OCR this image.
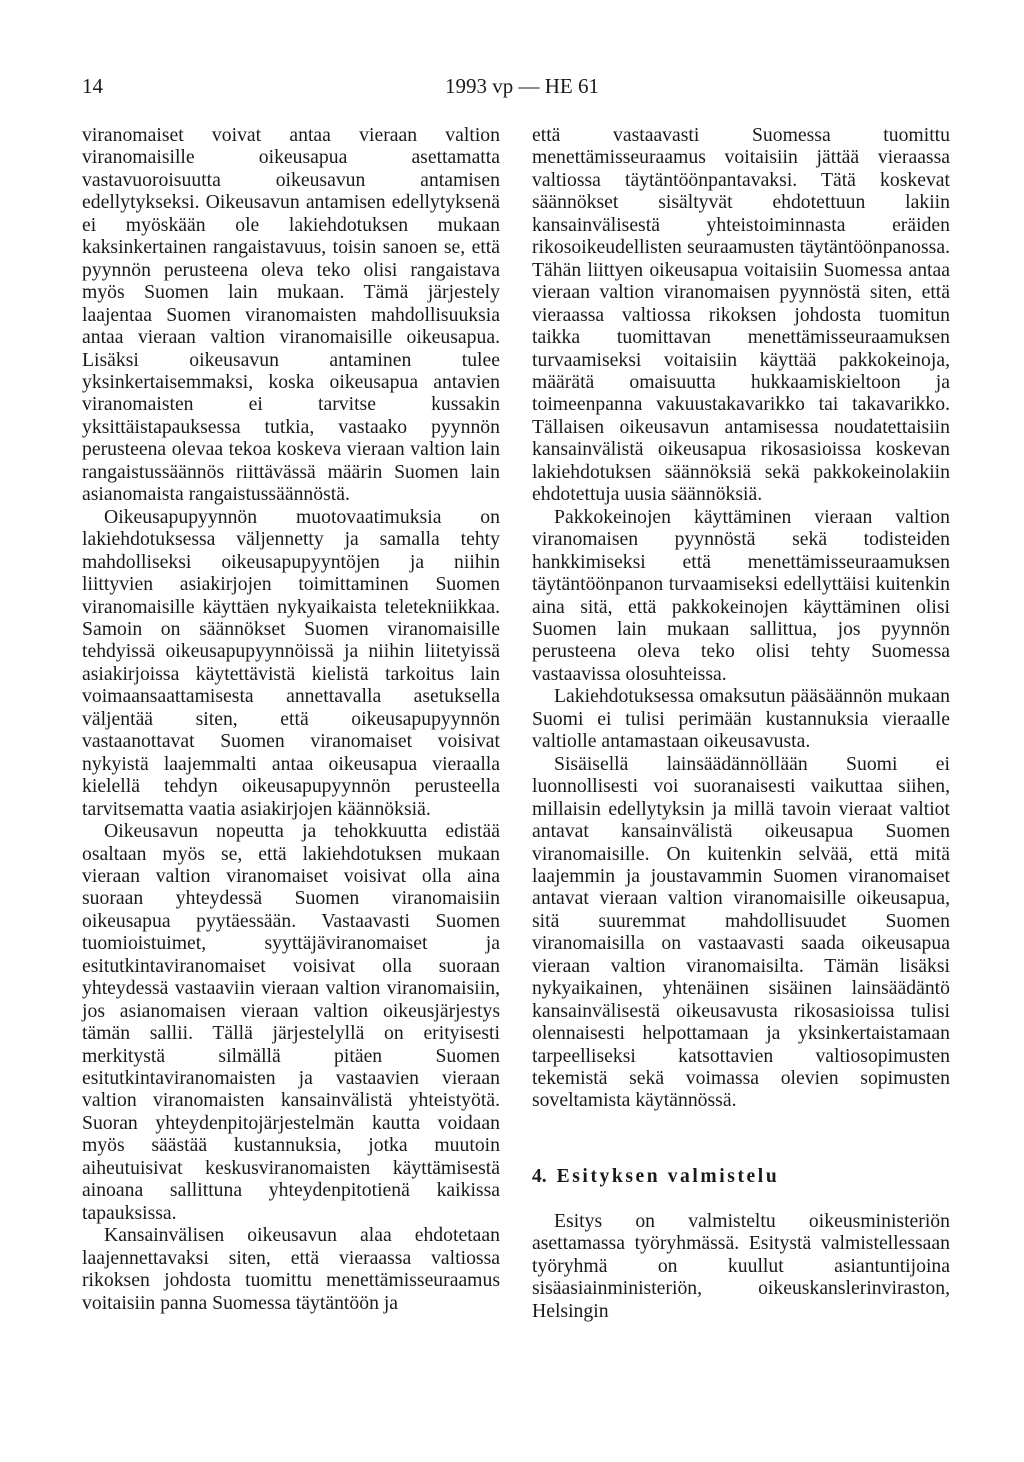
14	1993 vp — HE 61

viranomaiset voivat antaa vieraan valtion viranomaisille oikeusapua asettamatta vastavuoroisuutta oikeusavun antamisen edellytykseksi. Oikeusavun antamisen edellytyksenä ei myöskään ole lakiehdotuksen mukaan kaksinkertainen rangaistavuus, toisin sanoen se, että pyynnön perusteena oleva teko olisi rangaistava myös Suomen lain mukaan. Tämä järjestely laajentaa Suomen viranomaisten mahdollisuuksia antaa vieraan valtion viranomaisille oikeusapua. Lisäksi oikeusavun antaminen tulee yksinkertaisemmaksi, koska oikeusapua antavien viranomaisten ei tarvitse kussakin yksittäistapauksessa tutkia, vastaako pyynnön perusteena olevaa tekoa koskeva vieraan valtion lain rangaistussäännös riittävässä määrin Suomen lain asianomaista rangaistussäännöstä.

Oikeusapupyynnön muotovaatimuksia on lakiehdotuksessa väljennetty ja samalla tehty mahdolliseksi oikeusapupyyntöjen ja niihin liittyvien asiakirjojen toimittaminen Suomen viranomaisille käyttäen nykyaikaista teletekniikkaa. Samoin on säännökset Suomen viranomaisille tehdyissä oikeusapupyynnöissä ja niihin liitetyissä asiakirjoissa käytettävistä kielistä tarkoitus lain voimaansaattamisesta annettavalla asetuksella väljentää siten, että oikeusapupyynnön vastaanottavat Suomen viranomaiset voisivat nykyistä laajemmalti antaa oikeusapua vieraalla kielellä tehdyn oikeusapupyynnön perusteella tarvitsematta vaatia asiakirjojen käännöksiä.

Oikeusavun nopeutta ja tehokkuutta edistää osaltaan myös se, että lakiehdotuksen mukaan vieraan valtion viranomaiset voisivat olla aina suoraan yhteydessä Suomen viranomaisiin oikeusapua pyytäessään. Vastaavasti Suomen tuomioistuimet, syyttäjäviranomaiset ja esitutkintaviranomaiset voisivat olla suoraan yhteydessä vastaaviin vieraan valtion viranomaisiin, jos asianomaisen vieraan valtion oikeusjärjestys tämän sallii. Tällä järjestelyllä on erityisesti merkitystä silmällä pitäen Suomen esitutkintaviranomaisten ja vastaavien vieraan valtion viranomaisten kansainvälistä yhteistyötä. Suoran yhteydenpitojärjestelmän kautta voidaan myös säästää kustannuksia, jotka muutoin aiheutuisivat keskusviranomaisten käyttämisestä ainoana sallittuna yhteydenpitotienä kaikissa tapauksissa.

Kansainvälisen oikeusavun alaa ehdotetaan laajennettavaksi siten, että vieraassa valtiossa rikoksen johdosta tuomittu menettämisseuraamus voitaisiin panna Suomessa täytäntöön ja

että vastaavasti Suomessa tuomittu menettämisseuraamus voitaisiin jättää vieraassa valtiossa täytäntöönpantavaksi. Tätä koskevat säännökset sisältyvät ehdotettuun lakiin kansainvälisestä yhteistoiminnasta eräiden rikosoikeudellisten seuraamusten täytäntöönpanossa. Tähän liittyen oikeusapua voitaisiin Suomessa antaa vieraan valtion viranomaisen pyynnöstä siten, että vieraassa valtiossa rikoksen johdosta tuomitun taikka tuomittavan menettämisseuraamuksen turvaamiseksi voitaisiin käyttää pakkokeinoja, määrätä omaisuutta hukkaamiskieltoon ja toimeenpanna vakuustakavarikko tai takavarikko. Tällaisen oikeusavun antamisessa noudatettaisiin kansainvälistä oikeusapua rikosasioissa koskevan lakiehdotuksen säännöksiä sekä pakkokeinolakiin ehdotettuja uusia säännöksiä.

Pakkokeinojen käyttäminen vieraan valtion viranomaisen pyynnöstä sekä todisteiden hankkimiseksi että menettämisseuraamuksen täytäntöönpanon turvaamiseksi edellyttäisi kuitenkin aina sitä, että pakkokeinojen käyttäminen olisi Suomen lain mukaan sallittua, jos pyynnön perusteena oleva teko olisi tehty Suomessa vastaavissa olosuhteissa.

Lakiehdotuksessa omaksutun pääsäännön mukaan Suomi ei tulisi perimään kustannuksia vieraalle valtiolle antamastaan oikeusavusta.

Sisäisellä lainsäädännöllään Suomi ei luonnollisesti voi suoranaisesti vaikuttaa siihen, millaisin edellytyksin ja millä tavoin vieraat valtiot antavat kansainvälistä oikeusapua Suomen viranomaisille. On kuitenkin selvää, että mitä laajemmin ja joustavammin Suomen viranomaiset antavat vieraan valtion viranomaisille oikeusapua, sitä suuremmat mahdollisuudet Suomen viranomaisilla on vastaavasti saada oikeusapua vieraan valtion viranomaisilta. Tämän lisäksi nykyaikainen, yhtenäinen sisäinen lainsäädäntö kansainvälisestä oikeusavusta rikosasioissa tulisi olennaisesti helpottamaan ja yksinkertaistamaan tarpeelliseksi katsottavien valtiosopimusten tekemistä sekä voimassa olevien sopimusten soveltamista käytännössä.

4. Esityksen valmistelu

Esitys on valmisteltu oikeusministeriön asettamassa työryhmässä. Esitystä valmistellessaan työryhmä on kuullut asiantuntijoina sisäasiainministeriön, oikeuskanslerinviraston, Helsingin
